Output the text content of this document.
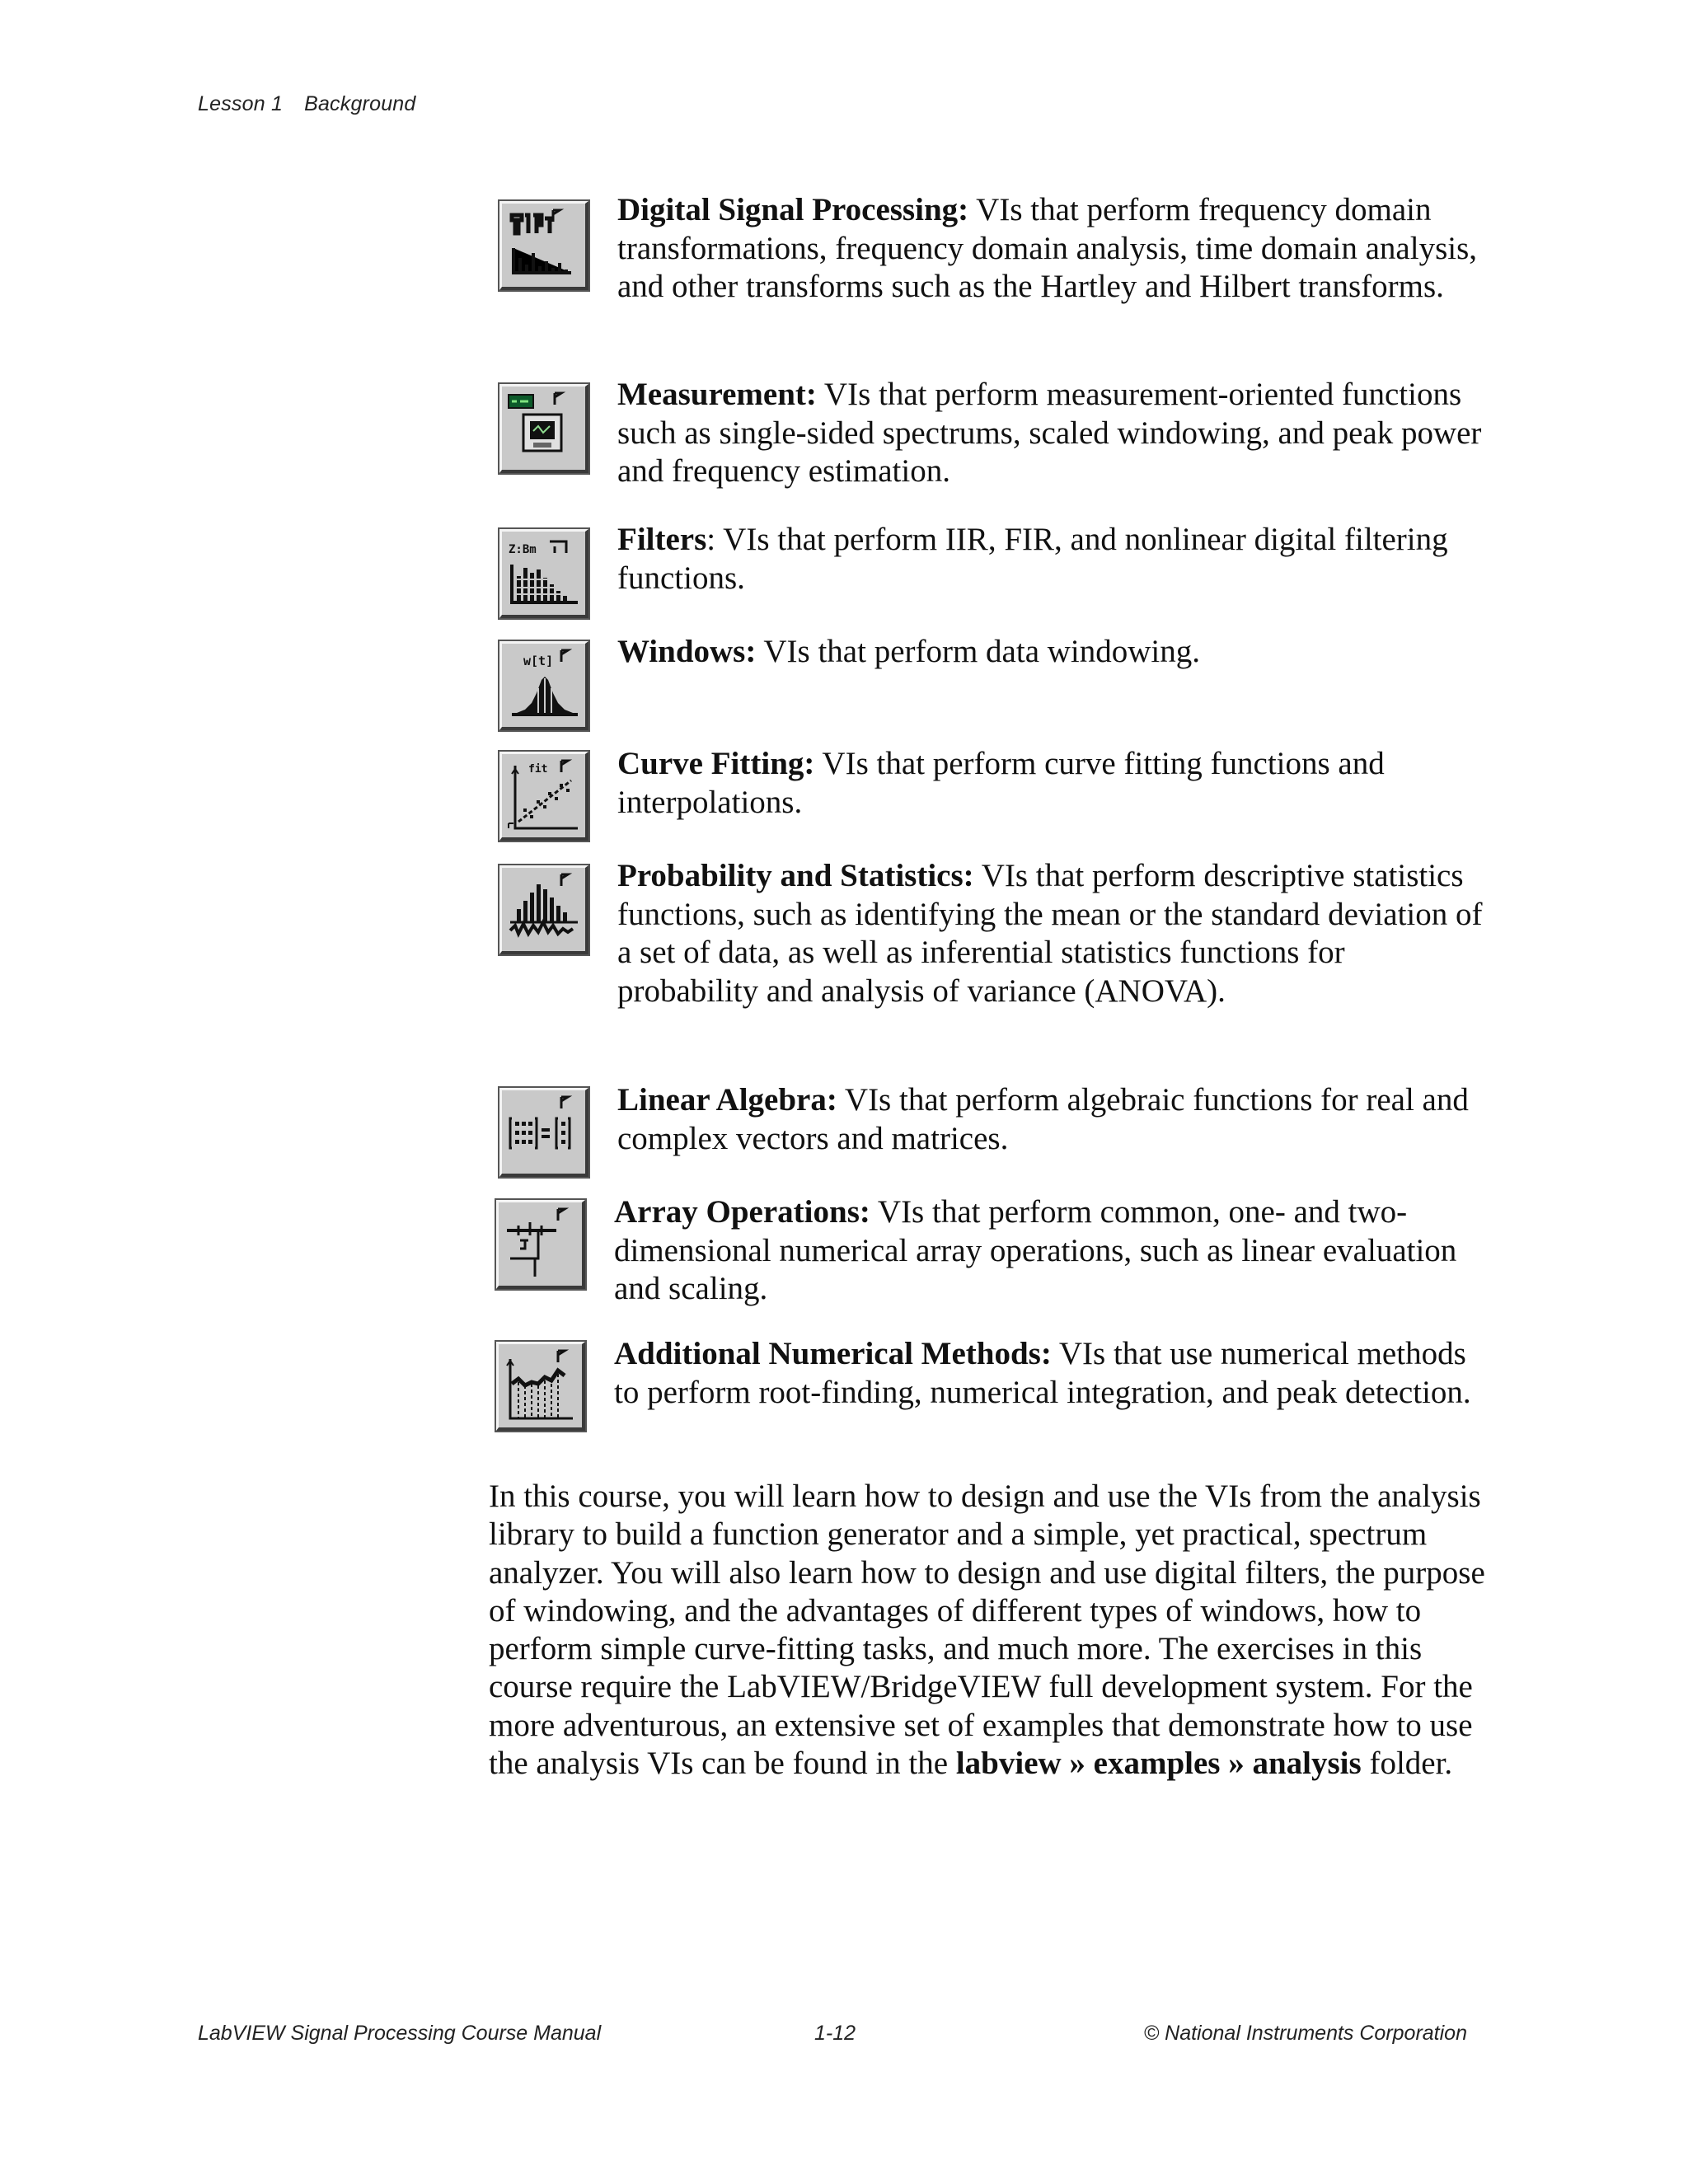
Lesson 1 Background
Digital Signal Processing: VIs that perform frequency domain transformations, frequency domain analysis, time domain analysis, and other transforms such as the Hartley and Hilbert transforms.
Measurement: VIs that perform measurement-oriented functions such as single-sided spectrums, scaled windowing, and peak power and frequency estimation.
Z:Bm	Filters: VIs that perform IIR, FIR, and nonlinear digital filtering functions.
w[t] Windows: VIs that perform data windowing.
fit Curve Fitting: VIs that perform curve fitting functions and interpolations.
Probability and Statistics: VIs that perform descriptive statistics functions, such as identifying the mean or the standard deviation of a set of data, as well as inferential statistics functions for probability and analysis of variance (ANOVA).
Linear Algebra: VIs that perform algebraic functions for real and complex vectors and matrices.
Array Operations: VIs that perform common, one- and two-dimensional numerical array operations, such as linear evaluation and scaling.
Additional Numerical Methods: VIs that use numerical methods to perform root-finding, numerical integration, and peak detection.
In this course, you will learn how to design and use the VIs from the analysis library to build a function generator and a simple, yet practical, spectrum analyzer. You will also learn how to design and use digital filters, the purpose of windowing, and the advantages of different types of windows, how to perform simple curve-fitting tasks, and much more. The exercises in this course require the LabVIEW/BridgeVIEW full development system. For the more adventurous, an extensive set of examples that demonstrate how to use the analysis VIs can be found in the labview » examples » analysis folder.
LabVIEW Signal Processing Course Manual	1-12	© National Instruments Corporation
